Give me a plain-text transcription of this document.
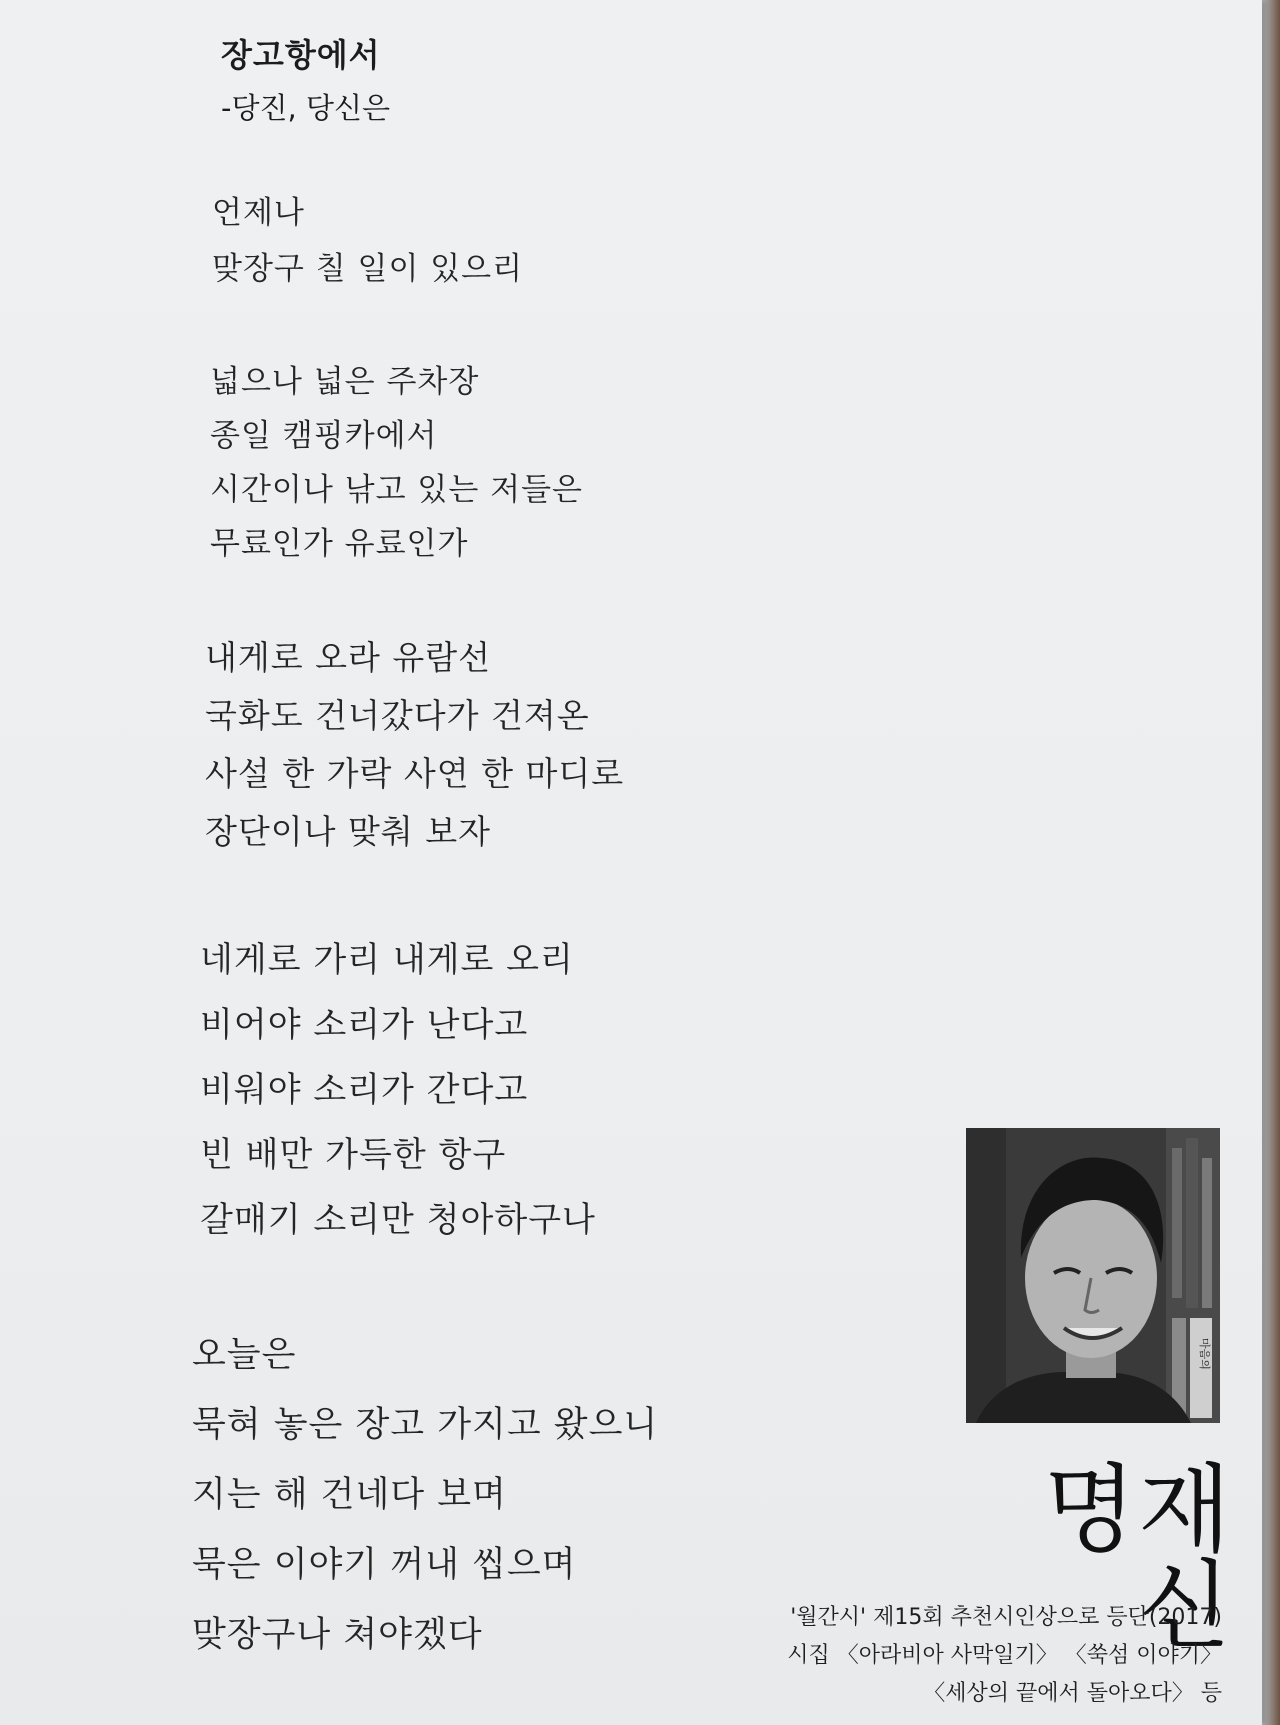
장고항에서
-당진, 당신은
언제나
맞장구 칠 일이 있으리
넓으나 넓은 주차장
종일 캠핑카에서
시간이나 낚고 있는 저들은
무료인가 유료인가
내게로 오라 유람선
국화도 건너갔다가 건져온
사설 한 가락 사연 한 마디로
장단이나 맞춰 보자
네게로 가리 내게로 오리
비어야 소리가 난다고
비워야 소리가 간다고
빈 배만 가득한 항구
갈매기 소리만 청아하구나
오늘은
묵혀 놓은 장고 가지고 왔으니
지는 해 건네다 보며
묵은 이야기 꺼내 씹으며
맞장구나 쳐야겠다
마음의
명재신
'월간시' 제15회 추천시인상으로 등단(2017)
시집 〈아라비아 사막일기〉 〈쑥섬 이야기〉
〈세상의 끝에서 돌아오다〉 등
